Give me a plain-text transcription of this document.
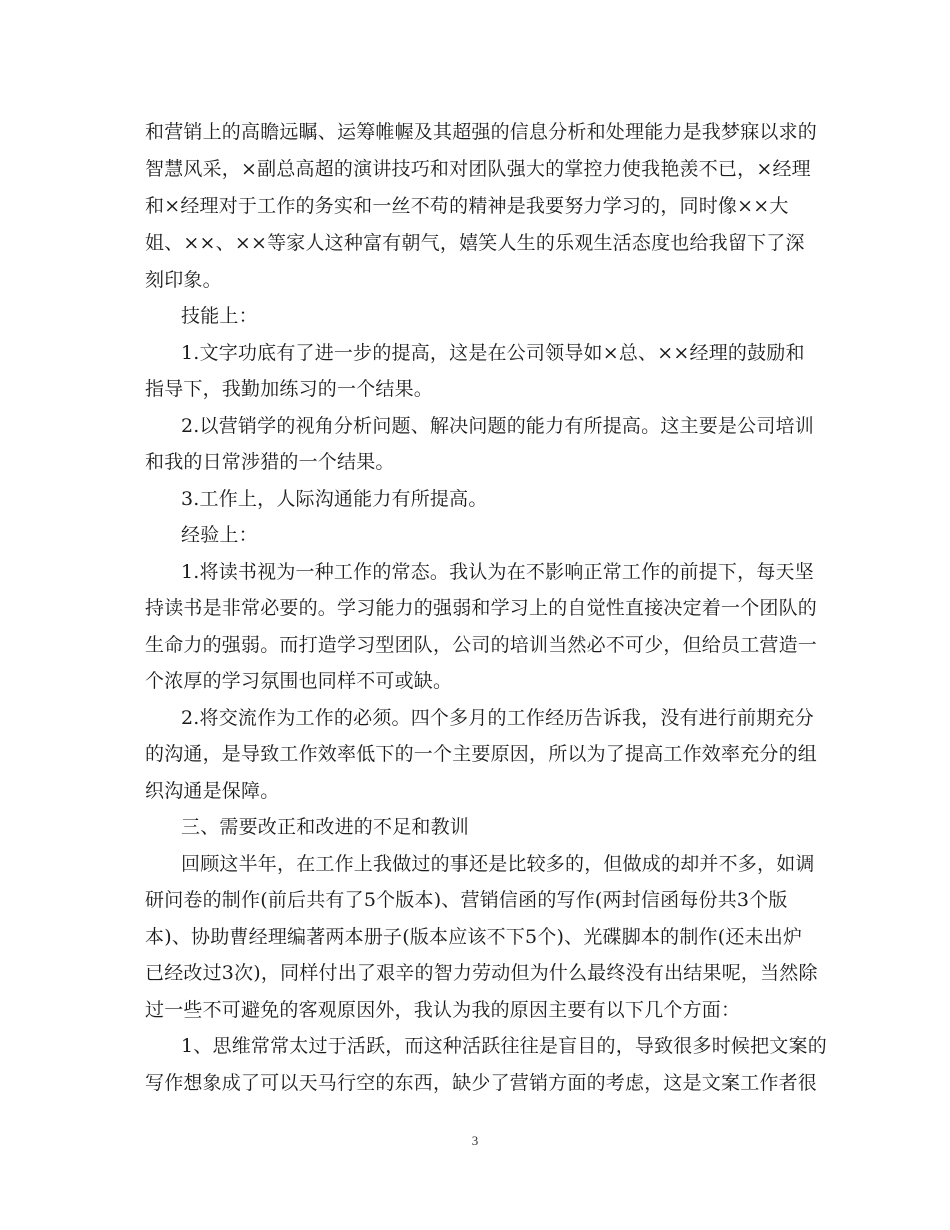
和营销上的高瞻远瞩、运筹帷幄及其超强的信息分析和处理能力是我梦寐以求的
智慧风采，×副总高超的演讲技巧和对团队强大的掌控力使我艳羡不已，×经理
和×经理对于工作的务实和一丝不苟的精神是我要努力学习的，同时像××大
姐、××、××等家人这种富有朝气，嬉笑人生的乐观生活态度也给我留下了深
刻印象。
技能上：
1.文字功底有了进一步的提高，这是在公司领导如×总、××经理的鼓励和
指导下，我勤加练习的一个结果。
2.以营销学的视角分析问题、解决问题的能力有所提高。这主要是公司培训
和我的日常涉猎的一个结果。
3.工作上，人际沟通能力有所提高。
经验上：
1.将读书视为一种工作的常态。我认为在不影响正常工作的前提下，每天坚
持读书是非常必要的。学习能力的强弱和学习上的自觉性直接决定着一个团队的
生命力的强弱。而打造学习型团队，公司的培训当然必不可少，但给员工营造一
个浓厚的学习氛围也同样不可或缺。
2.将交流作为工作的必须。四个多月的工作经历告诉我，没有进行前期充分
的沟通，是导致工作效率低下的一个主要原因，所以为了提高工作效率充分的组
织沟通是保障。
三、需要改正和改进的不足和教训
回顾这半年，在工作上我做过的事还是比较多的，但做成的却并不多，如调
研问卷的制作(前后共有了5个版本)、营销信函的写作(两封信函每份共3个版
本)、协助曹经理编著两本册子(版本应该不下5个)、光碟脚本的制作(还未出炉
已经改过3次)，同样付出了艰辛的智力劳动但为什么最终没有出结果呢，当然除
过一些不可避免的客观原因外，我认为我的原因主要有以下几个方面：
1、思维常常太过于活跃，而这种活跃往往是盲目的，导致很多时候把文案的
写作想象成了可以天马行空的东西，缺少了营销方面的考虑，这是文案工作者很
3
